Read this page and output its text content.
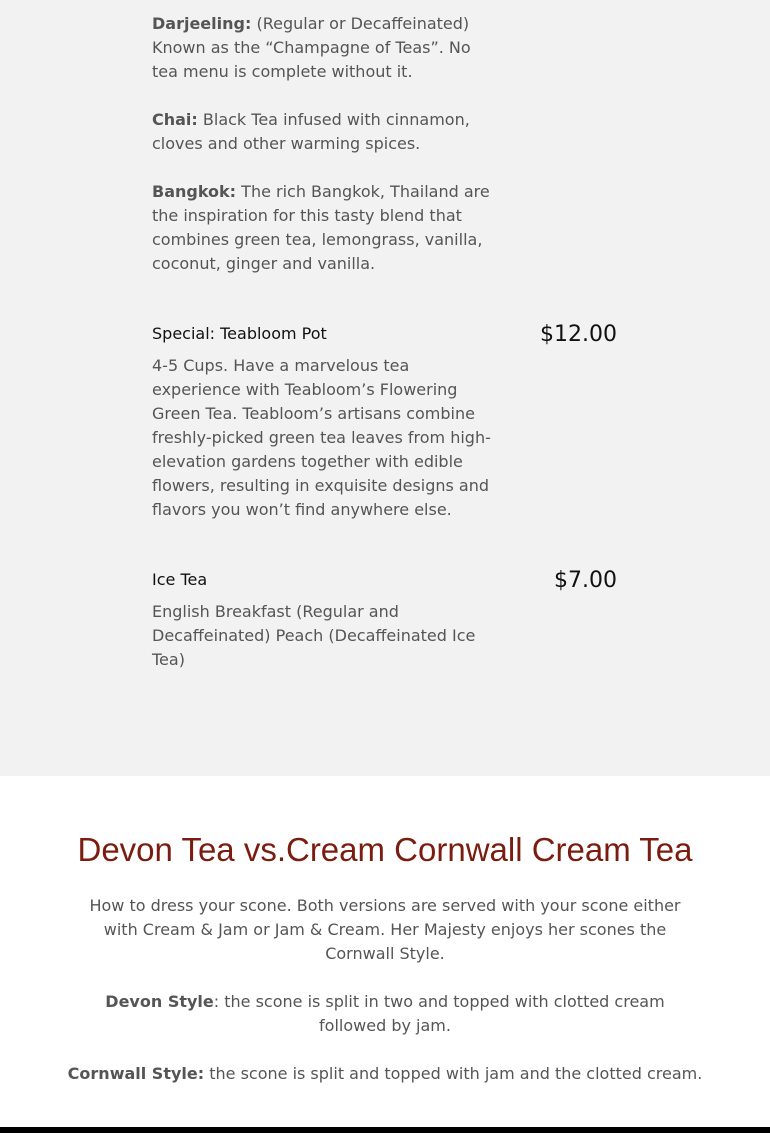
Darjeeling: (Regular or Decaffeinated) Known as the “Champagne of Teas”. No tea menu is complete without it.
Chai: Black Tea infused with cinnamon, cloves and other warming spices.
Bangkok: The rich Bangkok, Thailand are the inspiration for this tasty blend that combines green tea, lemongrass, vanilla, coconut, ginger and vanilla.
Special: Teabloom Pot	$12.00
4-5 Cups. Have a marvelous tea experience with Teabloom’s Flowering Green Tea. Teabloom’s artisans combine freshly-picked green tea leaves from high-elevation gardens together with edible flowers, resulting in exquisite designs and flavors you won’t find anywhere else.
Ice Tea	$7.00
English Breakfast (Regular and Decaffeinated) Peach (Decaffeinated Ice Tea)
Devon Tea vs.Cream Cornwall Cream Tea
How to dress your scone. Both versions are served with your scone either with Cream & Jam or Jam & Cream. Her Majesty enjoys her scones the Cornwall Style.
Devon Style: the scone is split in two and topped with clotted cream followed by jam.
Cornwall Style: the scone is split and topped with jam and the clotted cream.
